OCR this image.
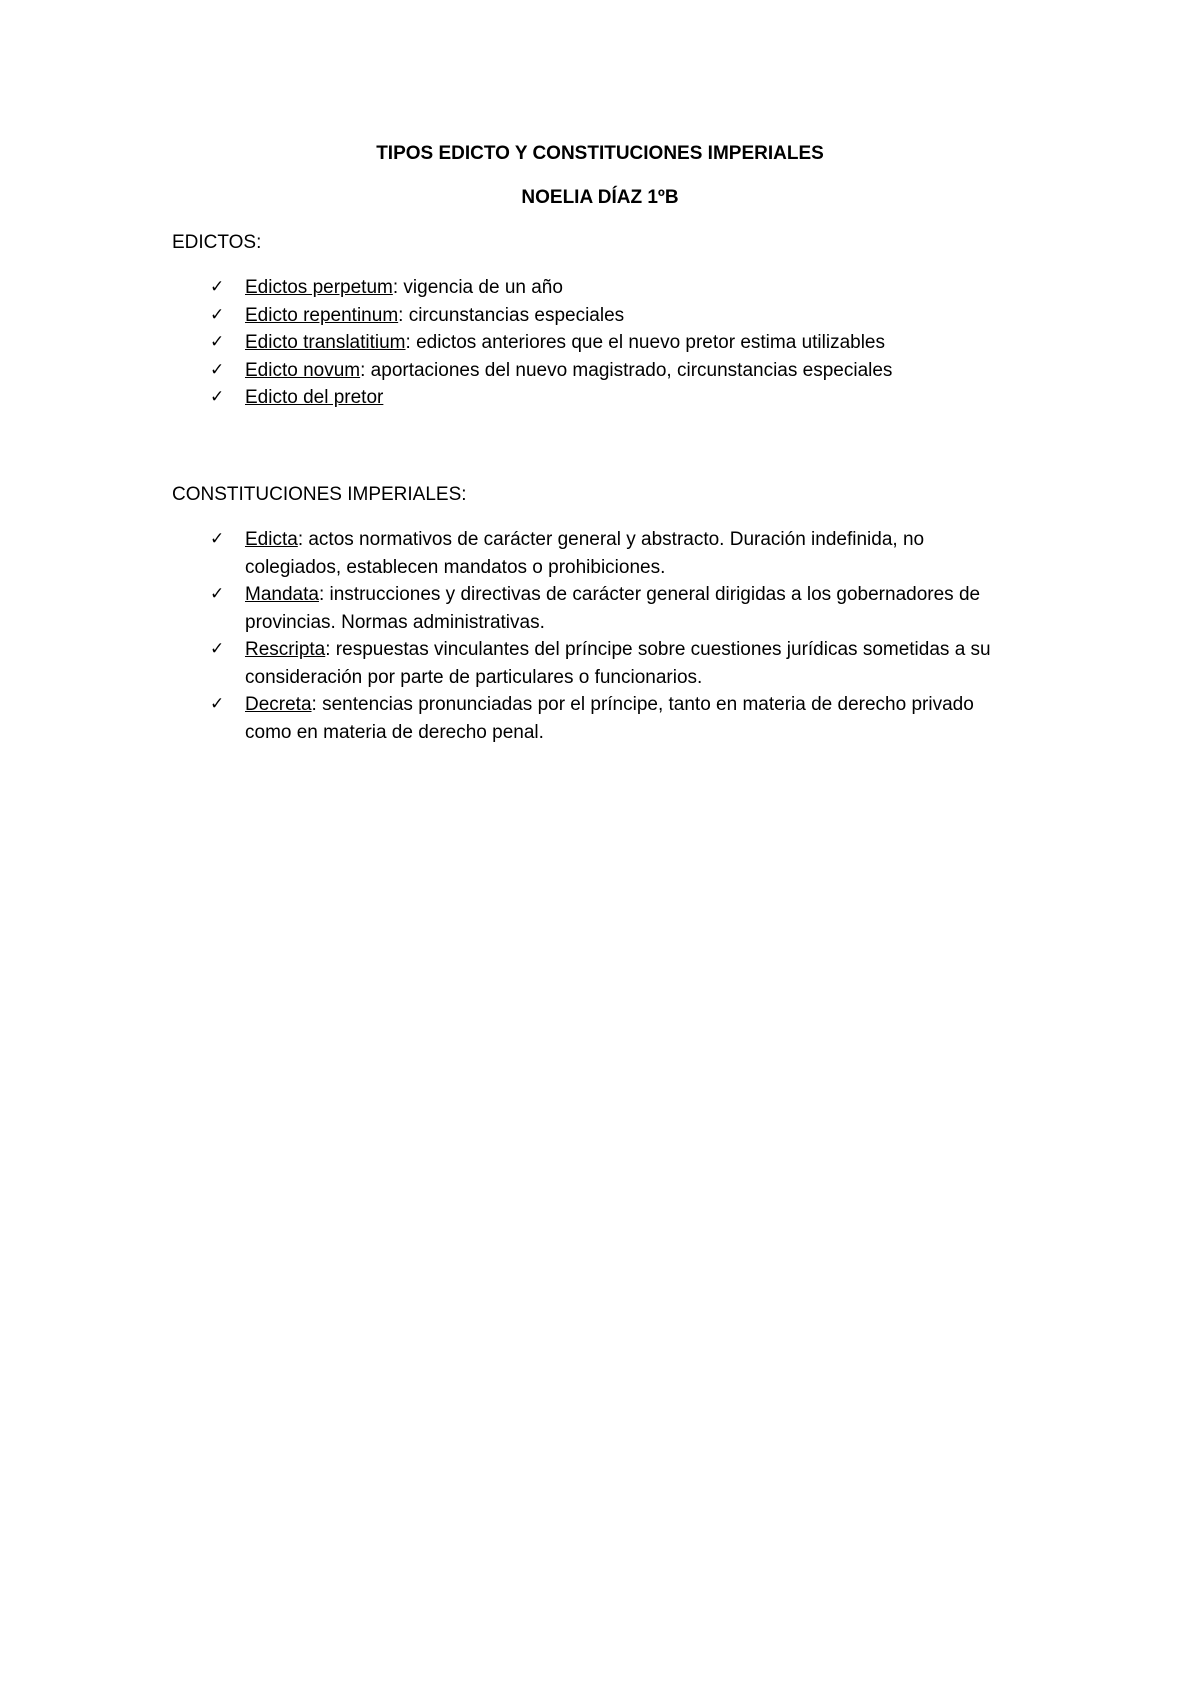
TIPOS EDICTO Y CONSTITUCIONES IMPERIALES
NOELIA DÍAZ 1ºB

EDICTOS:

✓ Edictos perpetum: vigencia de un año
✓ Edicto repentinum: circunstancias especiales
✓ Edicto translatitium: edictos anteriores que el nuevo pretor estima utilizables
✓ Edicto novum: aportaciones del nuevo magistrado, circunstancias especiales
✓ Edicto del pretor

CONSTITUCIONES IMPERIALES:

✓ Edicta: actos normativos de carácter general y abstracto. Duración indefinida, no colegiados, establecen mandatos o prohibiciones.
✓ Mandata: instrucciones y directivas de carácter general dirigidas a los gobernadores de provincias. Normas administrativas.
✓ Rescripta: respuestas vinculantes del príncipe sobre cuestiones jurídicas sometidas a su consideración por parte de particulares o funcionarios.
✓ Decreta: sentencias pronunciadas por el príncipe, tanto en materia de derecho privado como en materia de derecho penal.
